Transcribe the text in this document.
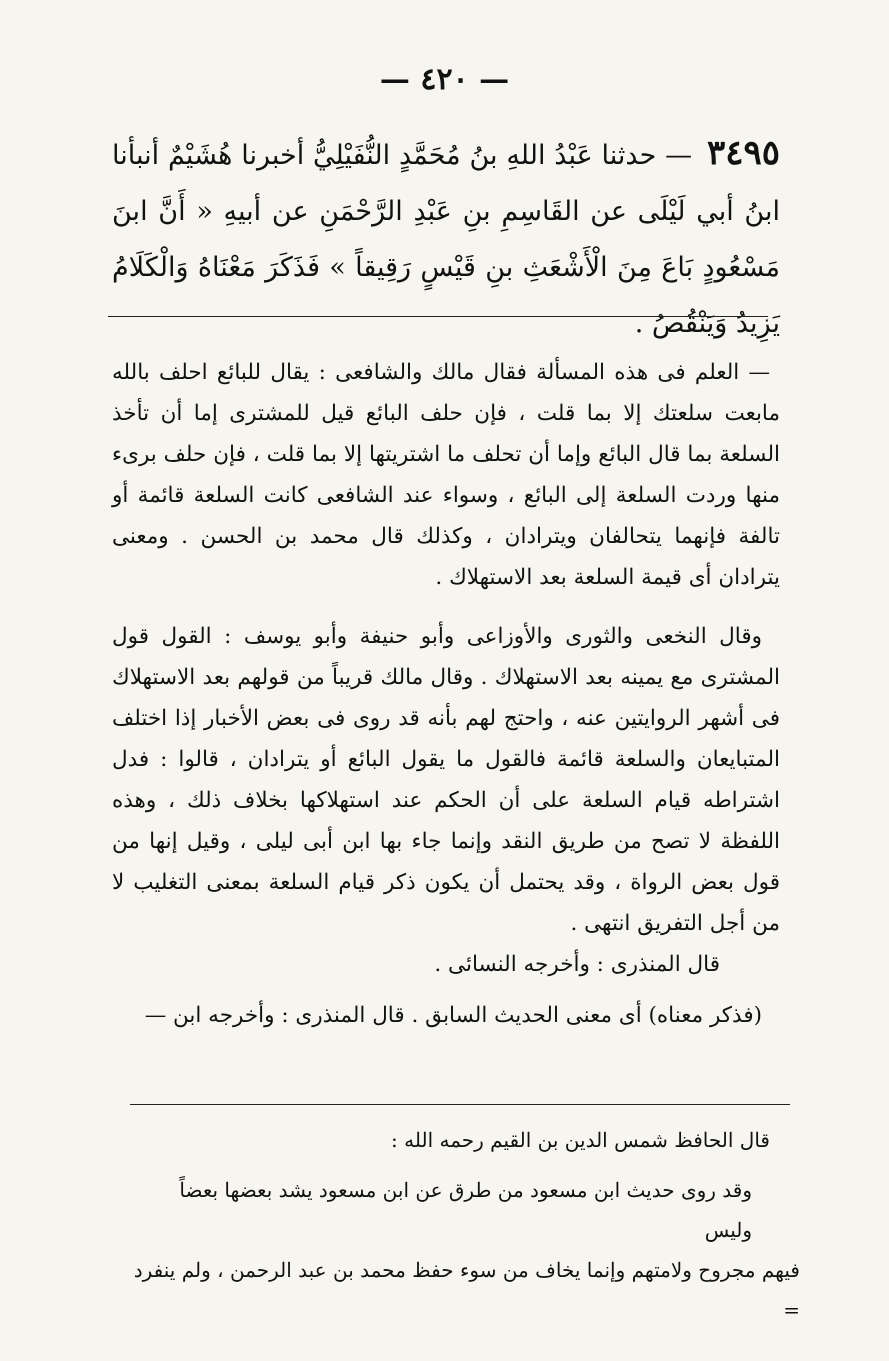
— ٤٢٠ —
٣٤٩٥ — حدثنا عَبْدُ اللهِ بنُ مُحَمَّدٍ النُّفَيْلِيُّ أخبرنا هُشَيْمٌ أنبأنا ابنُ أبي لَيْلَى عن القَاسِمِ بنِ عَبْدِ الرَّحْمَنِ عن أبيهِ « أَنَّ ابنَ مَسْعُودٍ بَاعَ مِنَ الْأَشْعَثِ بنِ قَيْسٍ رَقِيقاً » فَذَكَرَ مَعْنَاهُ وَالْكَلَامُ يَزِيدُ وَيَنْقُصُ .

— العلم فى هذه المسألة فقال مالك والشافعى : يقال للبائع احلف بالله مابعت سلعتك إلا بما قلت ، فإن حلف البائع قيل للمشترى إما أن تأخذ السلعة بما قال البائع وإما أن تحلف ما اشتريتها إلا بما قلت ، فإن حلف برىء منها وردت السلعة إلى البائع ، وسواء عند الشافعى كانت السلعة قائمة أو تالفة فإنهما يتحالفان ويترادان ، وكذلك قال محمد بن الحسن . ومعنى يترادان أى قيمة السلعة بعد الاستهلاك .

وقال النخعى والثورى والأوزاعى وأبو حنيفة وأبو يوسف : القول قول المشترى مع يمينه بعد الاستهلاك . وقال مالك قريباً من قولهم بعد الاستهلاك فى أشهر الروايتين عنه ، واحتج لهم بأنه قد روى فى بعض الأخبار إذا اختلف المتبايعان والسلعة قائمة فالقول ما يقول البائع أو يترادان ، قالوا : فدل اشتراطه قيام السلعة على أن الحكم عند استهلاكها بخلاف ذلك ، وهذه اللفظة لا تصح من طريق النقد وإنما جاء بها ابن أبى ليلى ، وقيل إنها من قول بعض الرواة ، وقد يحتمل أن يكون ذكر قيام السلعة بمعنى التغليب لا من أجل التفريق انتهى .

قال المنذرى : وأخرجه النسائى .

(فذكر معناه) أى معنى الحديث السابق . قال المنذرى : وأخرجه ابن —

قال الحافظ شمس الدين بن القيم رحمه الله :

وقد روى حديث ابن مسعود من طرق عن ابن مسعود يشد بعضها بعضاً وليس

فيهم مجروح ولامتهم وإنما يخاف من سوء حفظ محمد بن عبد الرحمن ، ولم ينفرد =
